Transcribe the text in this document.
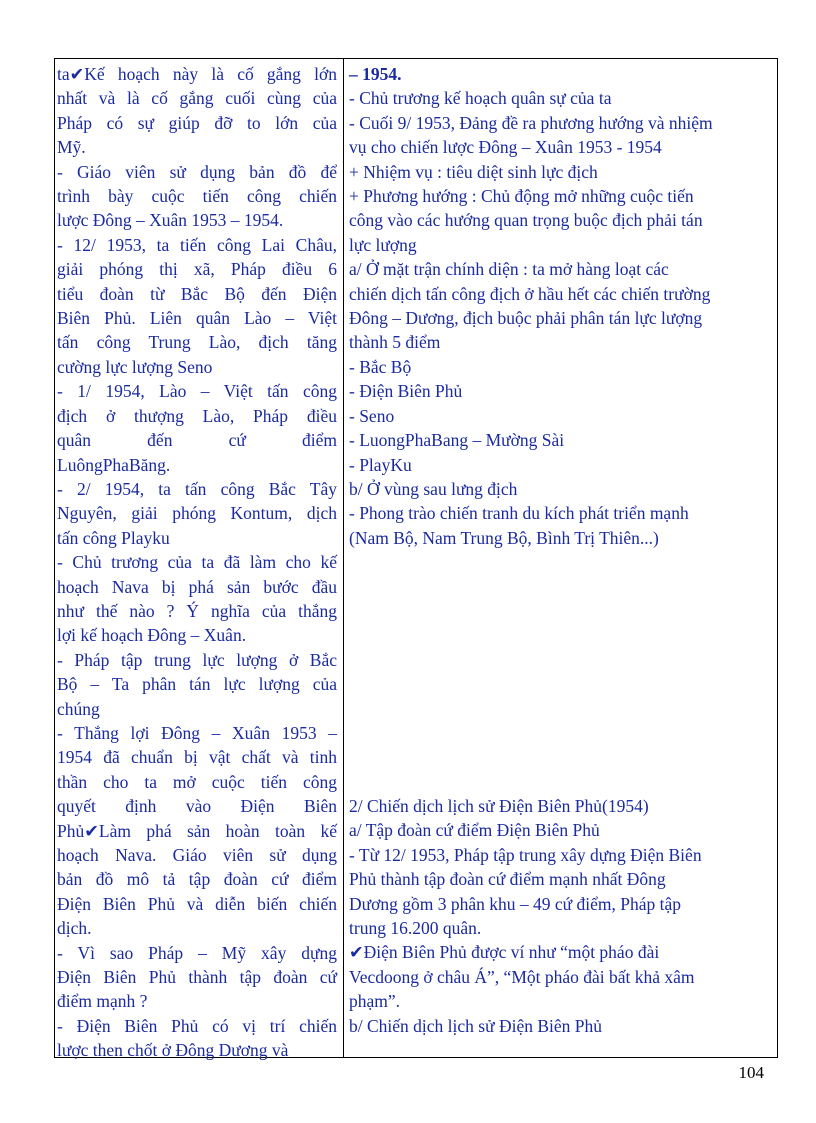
ta✔Kế hoạch này là cố gắng lớn
nhất và là cố gắng cuối cùng của
Pháp có sự giúp đỡ to lớn của
Mỹ.
- Giáo viên sử dụng bản đồ để
trình bày cuộc tiến công chiến
lược Đông – Xuân 1953 – 1954.
- 12/ 1953, ta tiến công Lai Châu,
giải phóng thị xã, Pháp điều 6
tiểu đoàn từ Bắc Bộ đến Điện
Biên Phủ. Liên quân Lào – Việt
tấn công Trung Lào, địch tăng
cường lực lượng Seno
- 1/ 1954, Lào – Việt tấn công
địch ở thượng Lào, Pháp điều
quân đến cứ điểm
LuôngPhaBăng.
- 2/ 1954, ta tấn công Bắc Tây
Nguyên, giải phóng Kontum, dịch
tấn công Playku
- Chủ trương của ta đã làm cho kế
hoạch Nava bị phá sản bước đầu
như thế nào ? Ý nghĩa của thắng
lợi kế hoạch Đông – Xuân.
- Pháp tập trung lực lượng ở Bắc
Bộ – Ta phân tán lực lượng của
chúng
- Thắng lợi Đông – Xuân 1953 –
1954 đã chuẩn bị vật chất và tinh
thần cho ta mở cuộc tiến công
quyết định vào Điện Biên
Phủ✔Làm phá sản hoàn toàn kế
hoạch Nava. Giáo viên sử dụng
bản đồ mô tả tập đoàn cứ điểm
Điện Biên Phủ và diễn biến chiến
dịch.
- Vì sao Pháp – Mỹ xây dựng
Điện Biên Phủ thành tập đoàn cứ
điểm mạnh ?
- Điện Biên Phủ có vị trí chiến
lược then chốt ở Đông Dương và
– 1954.
- Chủ trương kế hoạch quân sự của ta
- Cuối 9/ 1953, Đảng đề ra phương hướng và nhiệm
vụ cho chiến lược Đông – Xuân 1953 - 1954
+ Nhiệm vụ : tiêu diệt sinh lực địch
+ Phương hướng : Chủ động mở những cuộc tiến
công vào các hướng quan trọng buộc địch phải tán
lực lượng
a/ Ở mặt trận chính diện : ta mở hàng loạt các
chiến dịch tấn công địch ở hầu hết các chiến trường
Đông – Dương, địch buộc phải phân tán lực lượng
thành 5 điểm
- Bắc Bộ
- Điện Biên Phủ
- Seno
- LuongPhaBang – Mường Sài
- PlayKu
b/ Ở vùng sau lưng địch
- Phong trào chiến tranh du kích phát triển mạnh
(Nam Bộ, Nam Trung Bộ, Bình Trị Thiên...)
2/ Chiến dịch lịch sử Điện Biên Phủ(1954)
a/ Tập đoàn cứ điểm Điện Biên Phủ
- Từ 12/ 1953, Pháp tập trung xây dựng Điện Biên
Phủ thành tập đoàn cứ điểm mạnh nhất Đông
Dương gồm 3 phân khu – 49 cứ điểm, Pháp tập
trung 16.200 quân.
✔Điện Biên Phủ được ví như “một pháo đài
Vecdoong ở châu Á”, “Một pháo đài bất khả xâm
phạm”.
b/ Chiến dịch lịch sử Điện Biên Phủ
104
